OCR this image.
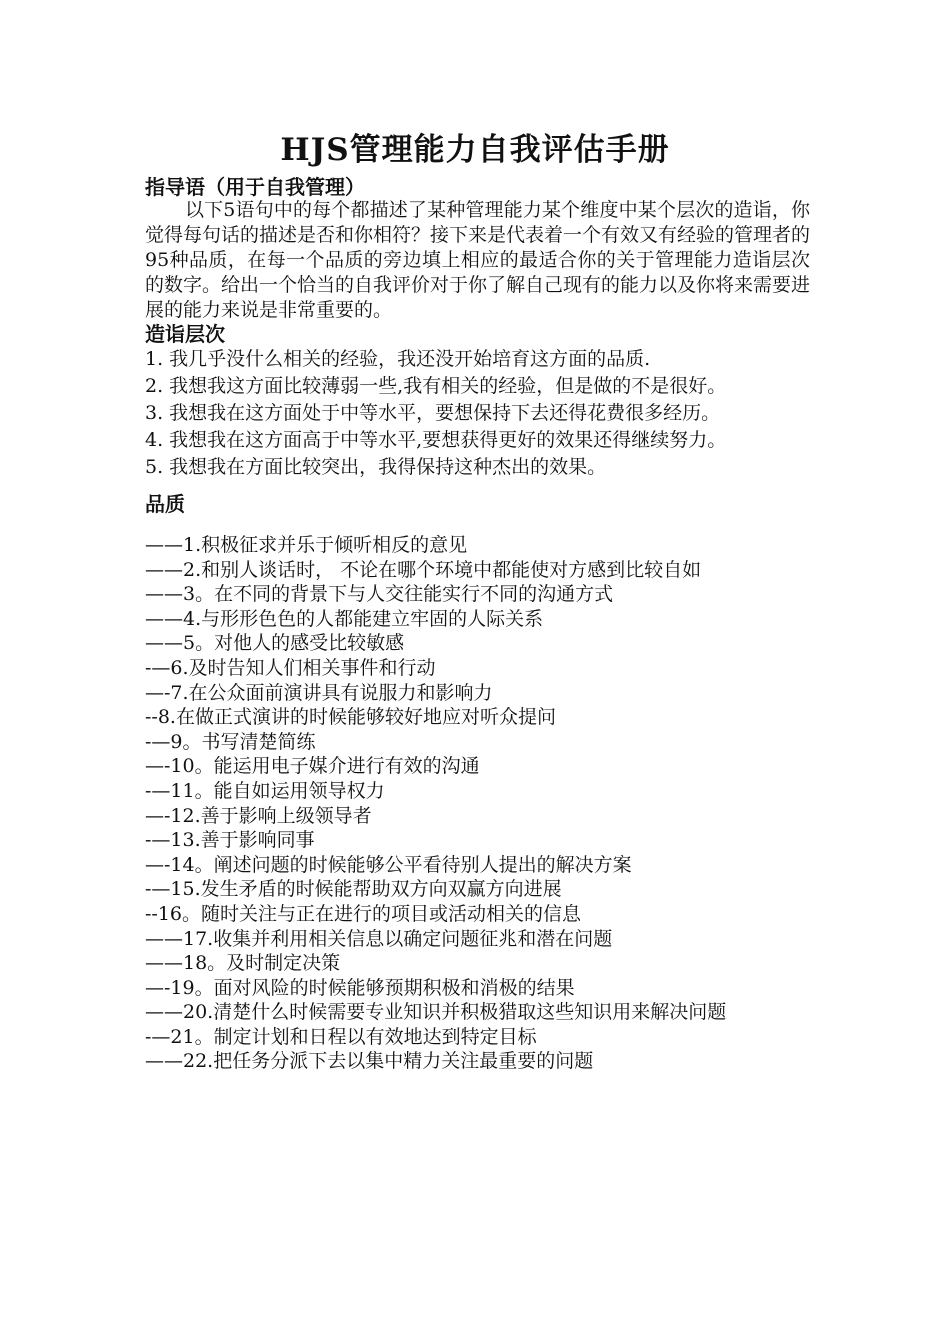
HJS管理能力自我评估手册

指导语（用于自我管理）

以下5语句中的每个都描述了某种管理能力某个维度中某个层次的造诣，你觉得每句话的描述是否和你相符？接下来是代表着一个有效又有经验的管理者的95种品质，在每一个品质的旁边填上相应的最适合你的关于管理能力造诣层次的数字。给出一个恰当的自我评价对于你了解自己现有的能力以及你将来需要进展的能力来说是非常重要的。

造诣层次

1. 我几乎没什么相关的经验，我还没开始培育这方面的品质.
2. 我想我这方面比较薄弱一些,我有相关的经验，但是做的不是很好。
3. 我想我在这方面处于中等水平，要想保持下去还得花费很多经历。
4. 我想我在这方面高于中等水平,要想获得更好的效果还得继续努力。
5. 我想我在方面比较突出，我得保持这种杰出的效果。

品质

——1.积极征求并乐于倾听相反的意见
——2.和别人谈话时， 不论在哪个环境中都能使对方感到比较自如
——3。在不同的背景下与人交往能实行不同的沟通方式
——4.与形形色色的人都能建立牢固的人际关系
——5。对他人的感受比较敏感
-—6.及时告知人们相关事件和行动
—-7.在公众面前演讲具有说服力和影响力
--8.在做正式演讲的时候能够较好地应对听众提问
-—9。书写清楚简练
—-10。能运用电子媒介进行有效的沟通
-—11。能自如运用领导权力
—-12.善于影响上级领导者
-—13.善于影响同事
—-14。阐述问题的时候能够公平看待别人提出的解决方案
-—15.发生矛盾的时候能帮助双方向双赢方向进展
--16。随时关注与正在进行的项目或活动相关的信息
——17.收集并利用相关信息以确定问题征兆和潜在问题
——18。及时制定决策
—-19。面对风险的时候能够预期积极和消极的结果
——20.清楚什么时候需要专业知识并积极猎取这些知识用来解决问题
-—21。制定计划和日程以有效地达到特定目标
——22.把任务分派下去以集中精力关注最重要的问题
